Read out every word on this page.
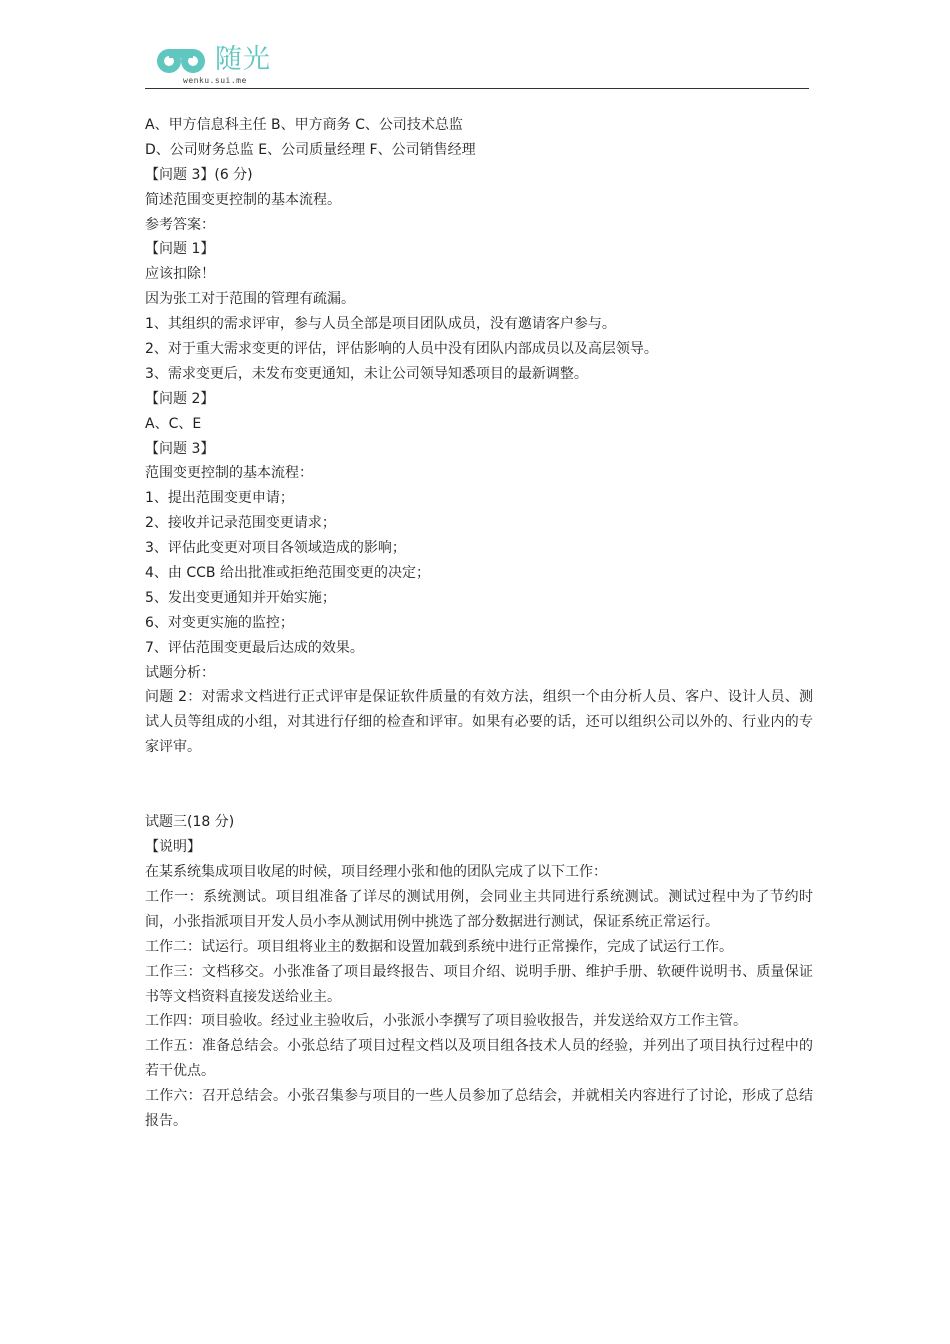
随光
wenku.sui.me
A、甲方信息科主任 B、甲方商务 C、公司技术总监
D、公司财务总监 E、公司质量经理 F、公司销售经理
【问题 3】(6 分)
简述范围变更控制的基本流程。
参考答案：
【问题 1】
应该扣除！
因为张工对于范围的管理有疏漏。
1、其组织的需求评审，参与人员全部是项目团队成员，没有邀请客户参与。
2、对于重大需求变更的评估，评估影响的人员中没有团队内部成员以及高层领导。
3、需求变更后，未发布变更通知，未让公司领导知悉项目的最新调整。
【问题 2】
A、C、E
【问题 3】
范围变更控制的基本流程：
1、提出范围变更申请；
2、接收并记录范围变更请求；
3、评估此变更对项目各领域造成的影响；
4、由 CCB 给出批准或拒绝范围变更的决定；
5、发出变更通知并开始实施；
6、对变更实施的监控；
7、评估范围变更最后达成的效果。
试题分析：
问题 2：对需求文档进行正式评审是保证软件质量的有效方法，组织一个由分析人员、客户、设计人员、测试人员等组成的小组，对其进行仔细的检查和评审。如果有必要的话，还可以组织公司以外的、行业内的专家评审。
试题三(18 分)
【说明】
在某系统集成项目收尾的时候，项目经理小张和他的团队完成了以下工作：
工作一：系统测试。项目组准备了详尽的测试用例，会同业主共同进行系统测试。测试过程中为了节约时间，小张指派项目开发人员小李从测试用例中挑选了部分数据进行测试，保证系统正常运行。
工作二：试运行。项目组将业主的数据和设置加载到系统中进行正常操作，完成了试运行工作。
工作三：文档移交。小张准备了项目最终报告、项目介绍、说明手册、维护手册、软硬件说明书、质量保证书等文档资料直接发送给业主。
工作四：项目验收。经过业主验收后，小张派小李撰写了项目验收报告，并发送给双方工作主管。
工作五：准备总结会。小张总结了项目过程文档以及项目组各技术人员的经验，并列出了项目执行过程中的若干优点。
工作六：召开总结会。小张召集参与项目的一些人员参加了总结会，并就相关内容进行了讨论，形成了总结报告。
